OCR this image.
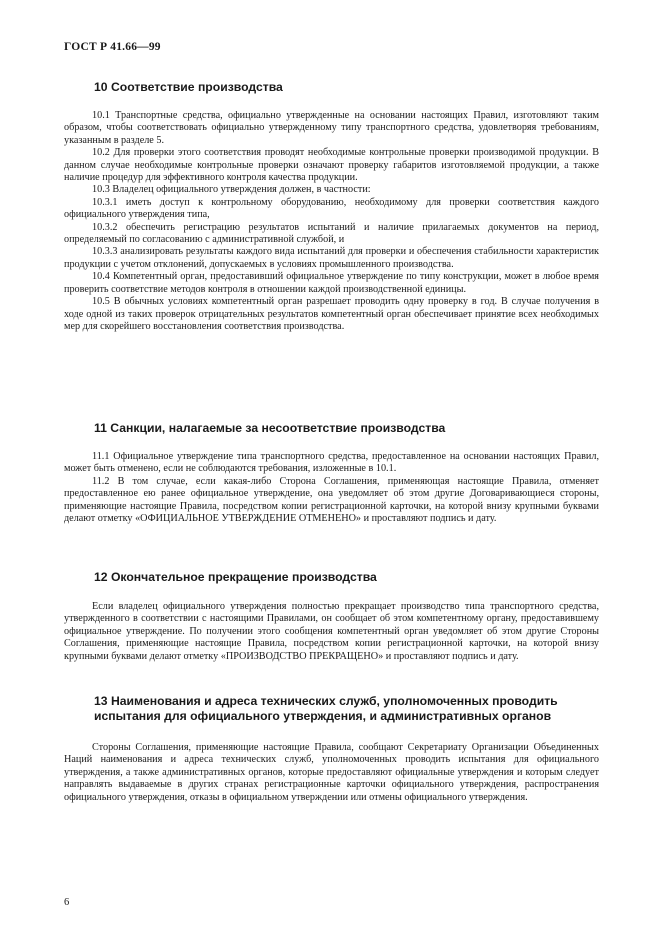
ГОСТ Р 41.66—99
10 Соответствие производства

10.1 Транспортные средства, официально утвержденные на основании настоящих Правил, изготовляют таким образом, чтобы соответствовать официально утвержденному типу транспортного средства, удовлетворяя требованиям, указанным в разделе 5.

10.2 Для проверки этого соответствия проводят необходимые контрольные проверки производимой продукции. В данном случае необходимые контрольные проверки означают проверку габаритов изготовляемой продукции, а также наличие процедур для эффективного контроля качества продукции.

10.3 Владелец официального утверждения должен, в частности:

10.3.1 иметь доступ к контрольному оборудованию, необходимому для проверки соответствия каждого официального утверждения типа,

10.3.2 обеспечить регистрацию результатов испытаний и наличие прилагаемых документов на период, определяемый по согласованию с административной службой, и

10.3.3 анализировать результаты каждого вида испытаний для проверки и обеспечения стабильности характеристик продукции с учетом отклонений, допускаемых в условиях промышленного производства.

10.4 Компетентный орган, предоставивший официальное утверждение по типу конструкции, может в любое время проверить соответствие методов контроля в отношении каждой производственной единицы.

10.5 В обычных условиях компетентный орган разрешает проводить одну проверку в год. В случае получения в ходе одной из таких проверок отрицательных результатов компетентный орган обеспечивает принятие всех необходимых мер для скорейшего восстановления соответствия производства.

11 Санкции, налагаемые за несоответствие производства

11.1 Официальное утверждение типа транспортного средства, предоставленное на основании настоящих Правил, может быть отменено, если не соблюдаются требования, изложенные в 10.1.

11.2 В том случае, если какая-либо Сторона Соглашения, применяющая настоящие Правила, отменяет предоставленное ею ранее официальное утверждение, она уведомляет об этом другие Договаривающиеся стороны, применяющие настоящие Правила, посредством копии регистрационной карточки, на которой внизу крупными буквами делают отметку «ОФИЦИАЛЬНОЕ УТВЕРЖДЕНИЕ ОТМЕНЕНО» и проставляют подпись и дату.

12 Окончательное прекращение производства

Если владелец официального утверждения полностью прекращает производство типа транспортного средства, утвержденного в соответствии с настоящими Правилами, он сообщает об этом компетентному органу, предоставившему официальное утверждение. По получении этого сообщения компетентный орган уведомляет об этом другие Стороны Соглашения, применяющие настоящие Правила, посредством копии регистрационной карточки, на которой внизу крупными буквами делают отметку «ПРОИЗВОДСТВО ПРЕКРАЩЕНО» и проставляют подпись и дату.

13 Наименования и адреса технических служб, уполномоченных проводить испытания для официального утверждения, и административных органов

Стороны Соглашения, применяющие настоящие Правила, сообщают Секретариату Организации Объединенных Наций наименования и адреса технических служб, уполномоченных проводить испытания для официального утверждения, а также административных органов, которые предоставляют официальные утверждения и которым следует направлять выдаваемые в других странах регистрационные карточки официального утверждения, распространения официального утверждения, отказы в официальном утверждении или отмены официального утверждения.

6
